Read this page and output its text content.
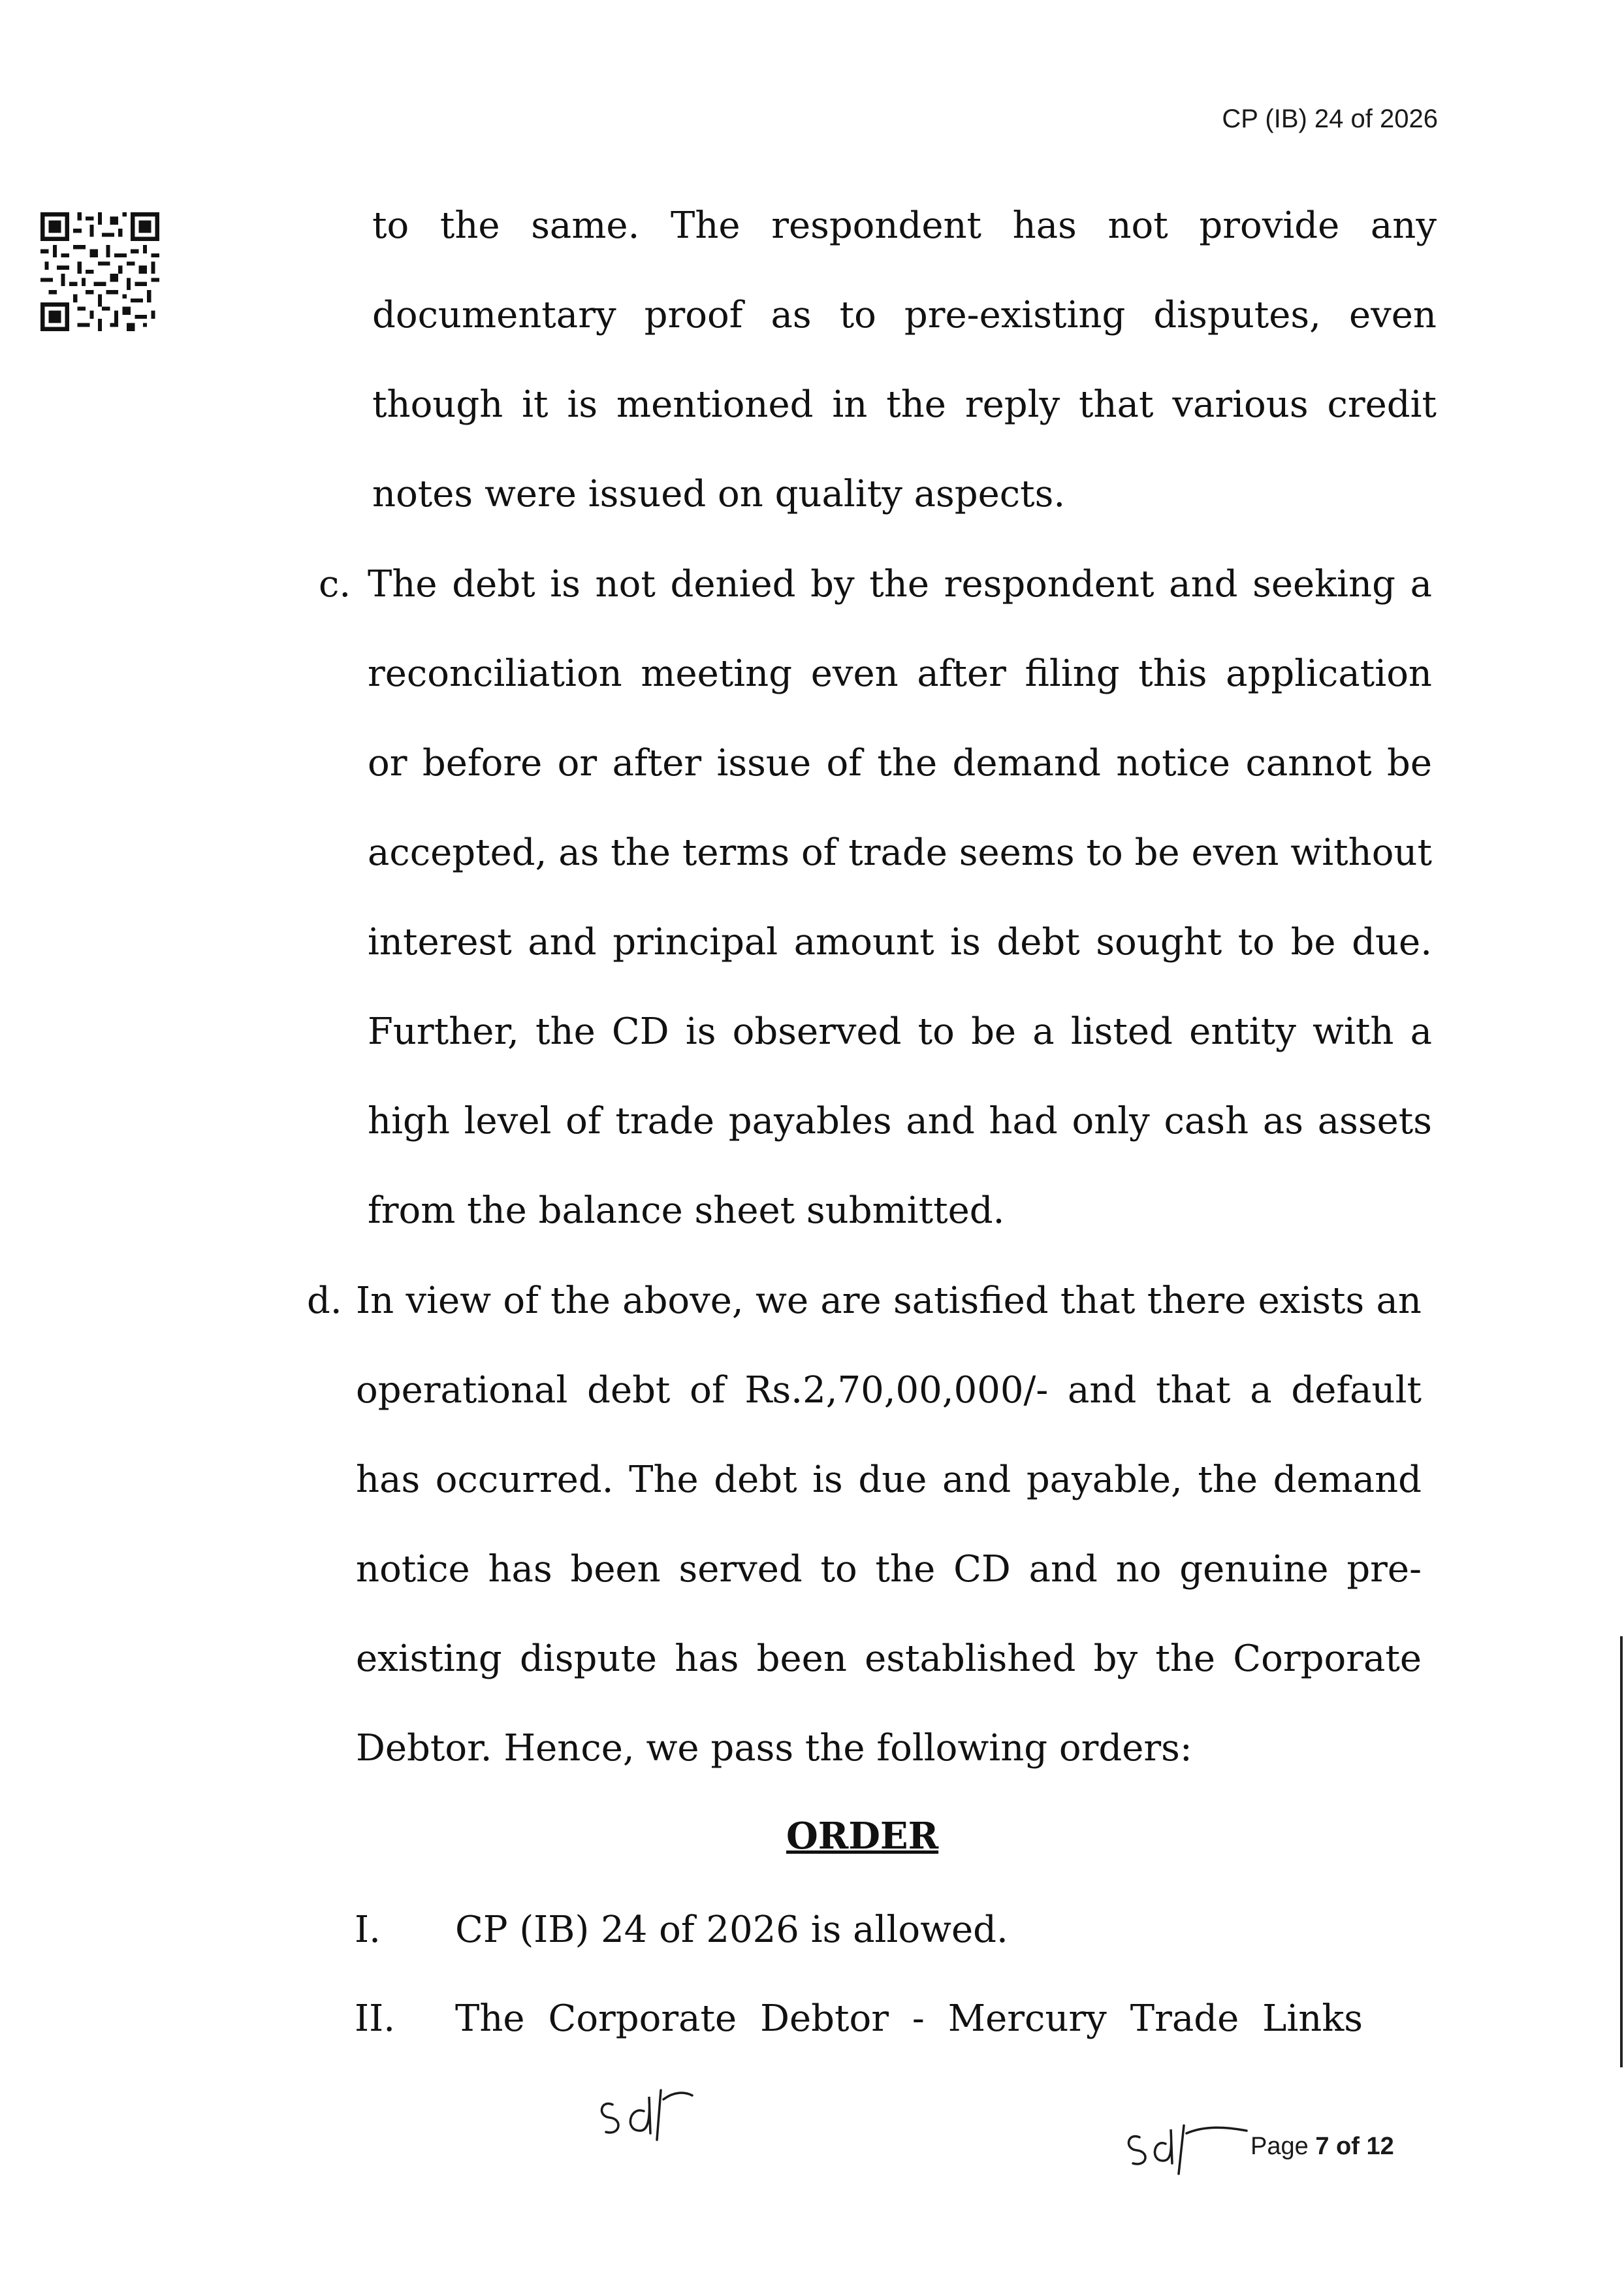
CP (IB) 24 of 2026

to the same. The respondent has not provide any documentary proof as to pre-existing disputes, even though it is mentioned in the reply that various credit notes were issued on quality aspects.

c. The debt is not denied by the respondent and seeking a reconciliation meeting even after filing this application or before or after issue of the demand notice cannot be accepted, as the terms of trade seems to be even without interest and principal amount is debt sought to be due. Further, the CD is observed to be a listed entity with a high level of trade payables and had only cash as assets from the balance sheet submitted.

d. In view of the above, we are satisfied that there exists an operational debt of Rs.2,70,00,000/- and that a default has occurred. The debt is due and payable, the demand notice has been served to the CD and no genuine pre-existing dispute has been established by the Corporate Debtor. Hence, we pass the following orders:

ORDER
I. CP (IB) 24 of 2026 is allowed.
II. The Corporate Debtor - Mercury Trade Links
Page 7 of 12
